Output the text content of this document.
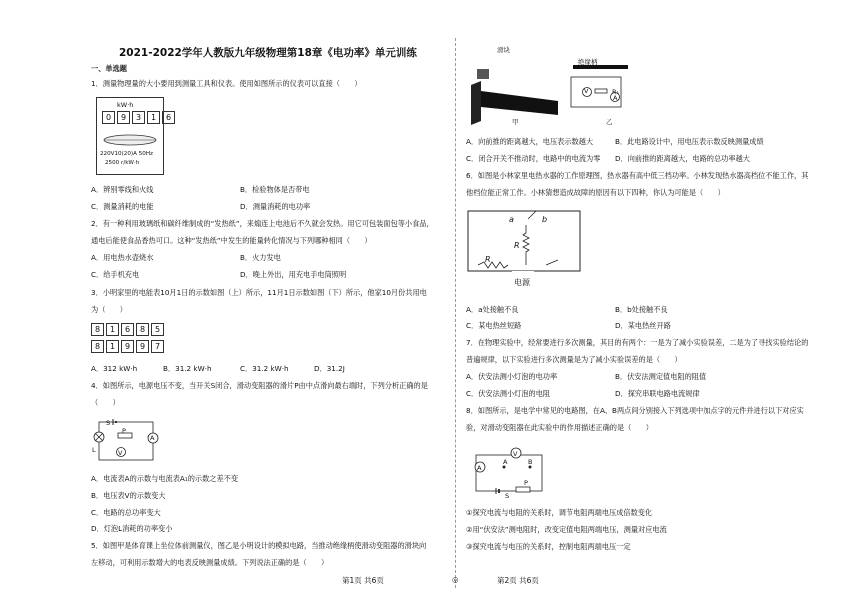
2021-2022学年人教版九年级物理第18章《电功率》单元训练
一、单选题
1．测量物理量的大小要用到测量工具和仪表。使用如图所示的仪表可以直接（　　）
kW·h
0 9 3 1 6
220V10(20)A 50Hz
2500 r/kW·h
A．辨别零线和火线	B．检验物体是否带电
C．测量消耗的电能	D．测量消耗的电功率
2．有一种利用玻璃纸和碳纤维制成的“发热纸”，来煽连上电池后不久就会发热。用它可包装面包等小食品，
通电后能使食品香热可口。这种“发热纸”中发生的能量转化情况与下列哪种相同（　　）
A．用电热水壶烧水	B．火力发电
C．给手机充电	D．晚上外出，用充电手电筒照明
3．小明家里的电能表10月1日的示数如图（上）所示，11月1日示数如图（下）所示，他家10月份共用电
为（　　）
8 1 6 8 5
8 1 9 9 7
A．312 kW·h	B．31.2 kW·h	C．31.2 kW·h	D．31.2J
4．如图所示，电源电压不变，当开关S闭合，滑动变阻器的滑片P由中点滑向最右端时，下列分析正确的是
（　　）
S
P
L
A
V
A．电流表A的示数与电流表A₁的示数之差不变
B．电压表V的示数变大
C．电路的总功率变大
D．灯泡L消耗的功率变小
5．如图甲是体育课上坐位体前测量仪，图乙是小明设计的模拟电路，当推动绝缘柄使滑动变阻器的滑块向
左移动，可利用示数增大的电表反映测量成绩。下列说法正确的是（　　）
滑块
绝缘柄
V	R₁
A
甲	乙
A．向前推的距离越大，电压表示数越大	B．此电路设计中，用电压表示数反映测量成绩
C．闭合开关不推动时，电路中的电流为零 D．向前推的距离越大，电路的总功率越大
6．如图是小林家里电热水器的工作原理图，热水器有高中低三档功率。小林发现热水器高档位不能工作，其
他档位能正常工作。小林猜想造成故障的原因有以下四种，你认为可能是（　　）
a	b
R
R
电源
A．a处接触不良	B．b处接触不良
C．某电热丝短路	D．某电热丝开路
7．在物理实验中，经常要进行多次测量，其目的有两个：一是为了减小实验误差，二是为了寻找实验结论的
普遍规律，以下实验进行多次测量是为了减小实验误差的是（　　）
A．伏安法测小灯泡的电功率	B．伏安法测定值电阻的阻值
C．伏安法测小灯泡的电阻	D．探究串联电路电流规律
8．如图所示，是电学中常见的电路图，在A、B两点间分别接入下列选项中加点字的元件并进行以下对应实
验，对滑动变阻器在此实验中的作用描述正确的是（　　）
A
V
A	B
P
S
①探究电流与电阻的关系时，调节电阻两端电压成倍数变化
②用“伏安法”测电阻时，改变定值电阻两端电压，测量对应电流
③探究电流与电压的关系时，控制电阻两端电压一定
第1页 共6页	◎	第2页 共6页
